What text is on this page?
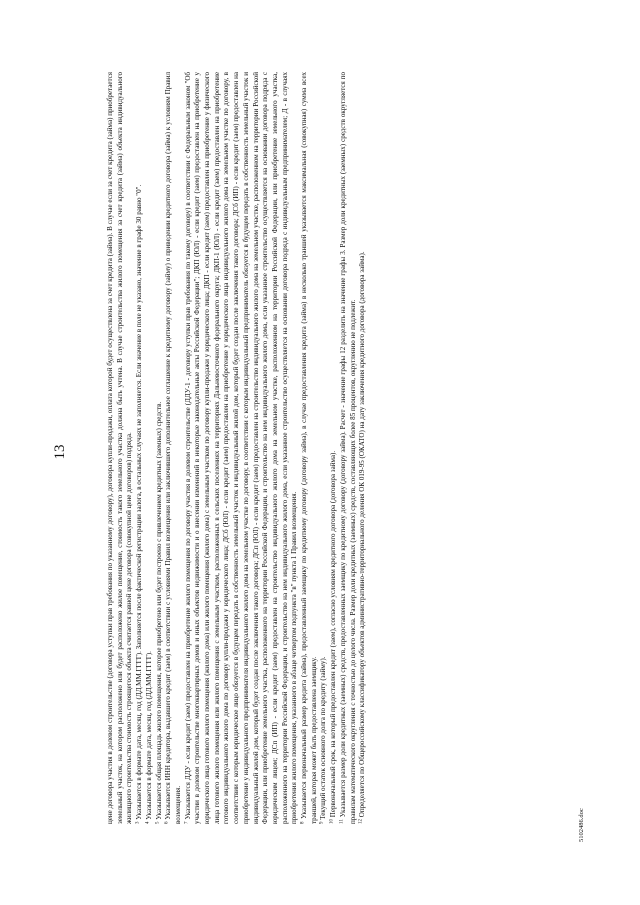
13	цене договора участия в долевом строительстве (договора уступки прав требования по указанному договору), договора купли-продажи, оплата которой будет осуществлена за счет кредита (займа). В случае если за счет кредита (займа) приобретается земельный участок, на котором расположено или будет расположено жилое помещение, стоимость такого земельного участка должна быть учтена. В случае строительства жилого помещения за счет кредита (займа) объекта индивидуального жилищного строительства стоимость строящегося объекта считается равной цене договора (совокупной цене договоров) подряда. $^3$ Указывается в формате дата, месяц, год (ДД.ММ.ГГГГ). Заполняется после фактической регистрации залога, в остальных случаях не заполняется. Если значение в поле не указано, значение в графе 30 равно "0".

$^4$ Указывается в формате дата, месяц, год (ДД.ММ.ГГГГ).

$^5$ Указывается общая площадь жилого помещения, которое приобретено или будет построено с привлечением кредитных (заемных) средств.

$^6$ Указывается ИНН кредитора, выдавшего кредит (заем) в соответствии с условиями Правил возмещения или заключившего дополнительное соглашение к кредитному договору (займу) о приведении кредитного договора (займа) к условиям Правил возмещения. $^7$ Указывается ДДУ - если кредит (заем) предоставлен на приобретение жилого помещения по договору участия в долевом строительстве (ДДУ-1 - договору уступки прав требования по такому договору) в соответствии с Федеральным законом "Об участии в долевом строительстве многоквартирных домов и иных объектов недвижимости и о внесении изменений в некоторые законодательные акты Российской Федерации"; ДКП (ЮЛ) - если кредит (заем) предоставлен на приобретение у юридического лица готового жилого помещения (жилого дома) или жилого помещения (жилого дома) с земельным участком по договору купли-продажи у юридического лица; ДКП - если кредит (заем) предоставлен на приобретение у физического лица готового жилого помещения или жилого помещения с земельным участком, расположенных в сельских поселениях на территориях Дальневосточного федерального округа; ДКП-1 (ЮЛ) - если кредит (заем) предоставлен на приобретение готового индивидуального жилого дома по договору купли-продажи у юридического лица; ДСб (ЮЛ) - если кредит (заем) предоставлен на приобретение у юридического лица индивидуального жилого дома на земельном участке по договору, в соответствии с которым юридическое лицо обязуется в будущем передать в собственность земельный участок и индивидуальный жилой дом, который будет создан после заключения такого договора; ДСб (ИП) - если кредит (заем) предоставлен на приобретение у индивидуального предпринимателя индивидуального жилого дома на земельном участке по договору, в соответствии с которым индивидуальный предприниматель обязуется в будущем передать в собственность земельный участок и индивидуальный жилой дом, который будет создан после заключения такого договора; ДСп (ЮЛ) - если кредит (заем) предоставлен на строительство индивидуального жилого дома на земельном участке, расположенном на территории Российской Федерации, или приобретение земельного участка, расположенного на территории Российской Федерации, и строительство на нем индивидуального жилого дома, если указанное строительство осуществляется на основании договора подряда с юридическим лицом; ДСп (ИП) - если кредит (заем) предоставлен на строительство индивидуального жилого дома на земельном участке, расположенном на территории Российской Федерации, или приобретение земельного участка, расположенного на территории Российской Федерации, и строительство на нем индивидуального жилого дома, если указанное строительство осуществляется на основании договора подряда с индивидуальным предпринимателем; Д - в случаях приобретения жилого помещения, указанного в абзаце четвертом подпункта "в" пункта 1 Правил возмещения. $^8$ Указывается первоначальный размер кредита (займа), предоставленный заемщику по кредитному договору (договору займа), в случае предоставления кредита (займа) в несколько траншей указывается максимальная (совокупная) сумма всех траншей, которая может быть предоставлена заемщику. $^9$ Текущий остаток основного долга по кредиту (займу). $^{10}$ Первоначальный срок, на который предоставлен кредит (заем), согласно условиям кредитного договора (договора займа).

$^{11}$ Указывается размер доли кредитных (заемных) средств, предоставленных заемщику по кредитному договору (договору займа). Расчет - значение графы 12 разделить на значение графы 3. Размер доли кредитных (заемных) средств округляется по правилам математического округления с точностью до целого числа. Размер доли кредитных (заемных) средств, составляющих более 85 процентов, округлению не подлежит. $^{12}$ Определяется по Общероссийскому классификатору объектов административно-территориального деления ОК 019-95 (ОКАТО) на дату заключения кредитного договора (договора займа).

5102486.doc
